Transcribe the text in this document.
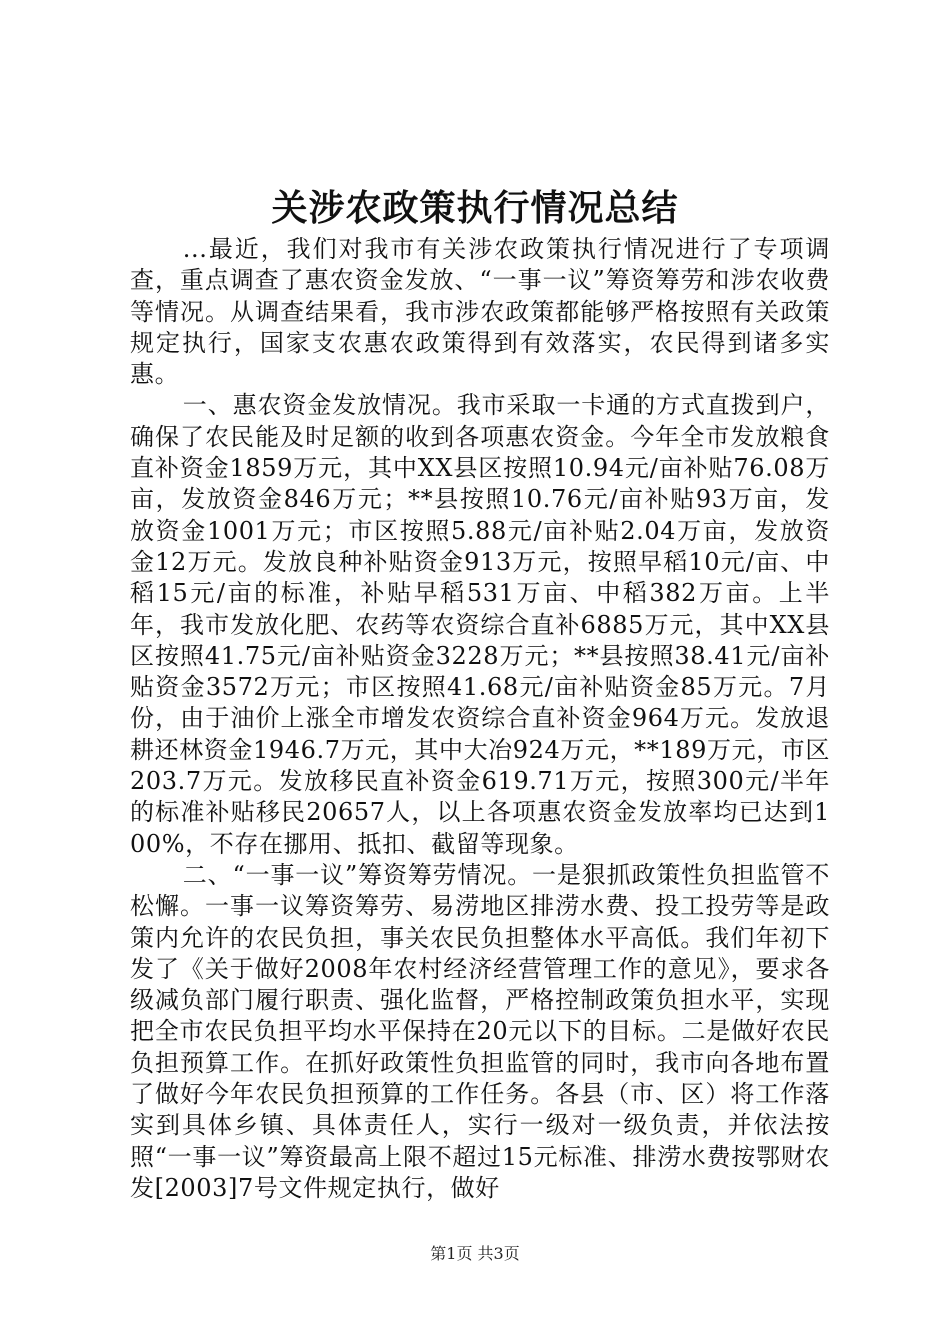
关涉农政策执行情况总结

...最近，我们对我市有关涉农政策执行情况进行了专项调查，重点调查了惠农资金发放、“一事一议”筹资筹劳和涉农收费等情况。从调查结果看，我市涉农政策都能够严格按照有关政策规定执行，国家支农惠农政策得到有效落实，农民得到诸多实惠。

一、惠农资金发放情况。我市采取一卡通的方式直拨到户，确保了农民能及时足额的收到各项惠农资金。今年全市发放粮食直补资金1859万元，其中XX县区按照10.94元/亩补贴76.08万亩，发放资金846万元；**县按照10.76元/亩补贴93万亩，发放资金1001万元；市区按照5.88元/亩补贴2.04万亩，发放资金12万元。发放良种补贴资金913万元，按照早稻10元/亩、中稻15元/亩的标准，补贴早稻531万亩、中稻382万亩。上半年，我市发放化肥、农药等农资综合直补6885万元，其中XX县区按照41.75元/亩补贴资金3228万元；**县按照38.41元/亩补贴资金3572万元；市区按照41.68元/亩补贴资金85万元。7月份，由于油价上涨全市增发农资综合直补资金964万元。发放退耕还林资金1946.7万元，其中大冶924万元，**189万元，市区203.7万元。发放移民直补资金619.71万元，按照300元/半年的标准补贴移民20657人，以上各项惠农资金发放率均已达到100%，不存在挪用、抵扣、截留等现象。

二、“一事一议”筹资筹劳情况。一是狠抓政策性负担监管不松懈。一事一议筹资筹劳、易涝地区排涝水费、投工投劳等是政策内允许的农民负担，事关农民负担整体水平高低。我们年初下发了《关于做好2008年农村经济经营管理工作的意见》，要求各级减负部门履行职责、强化监督，严格控制政策负担水平，实现把全市农民负担平均水平保持在20元以下的目标。二是做好农民负担预算工作。在抓好政策性负担监管的同时，我市向各地布置了做好今年农民负担预算的工作任务。各县（市、区）将工作落实到具体乡镇、具体责任人，实行一级对一级负责，并依法按照“一事一议”筹资最高上限不超过15元标准、排涝水费按鄂财农发[2003]7号文件规定执行，做好

第1页 共3页
